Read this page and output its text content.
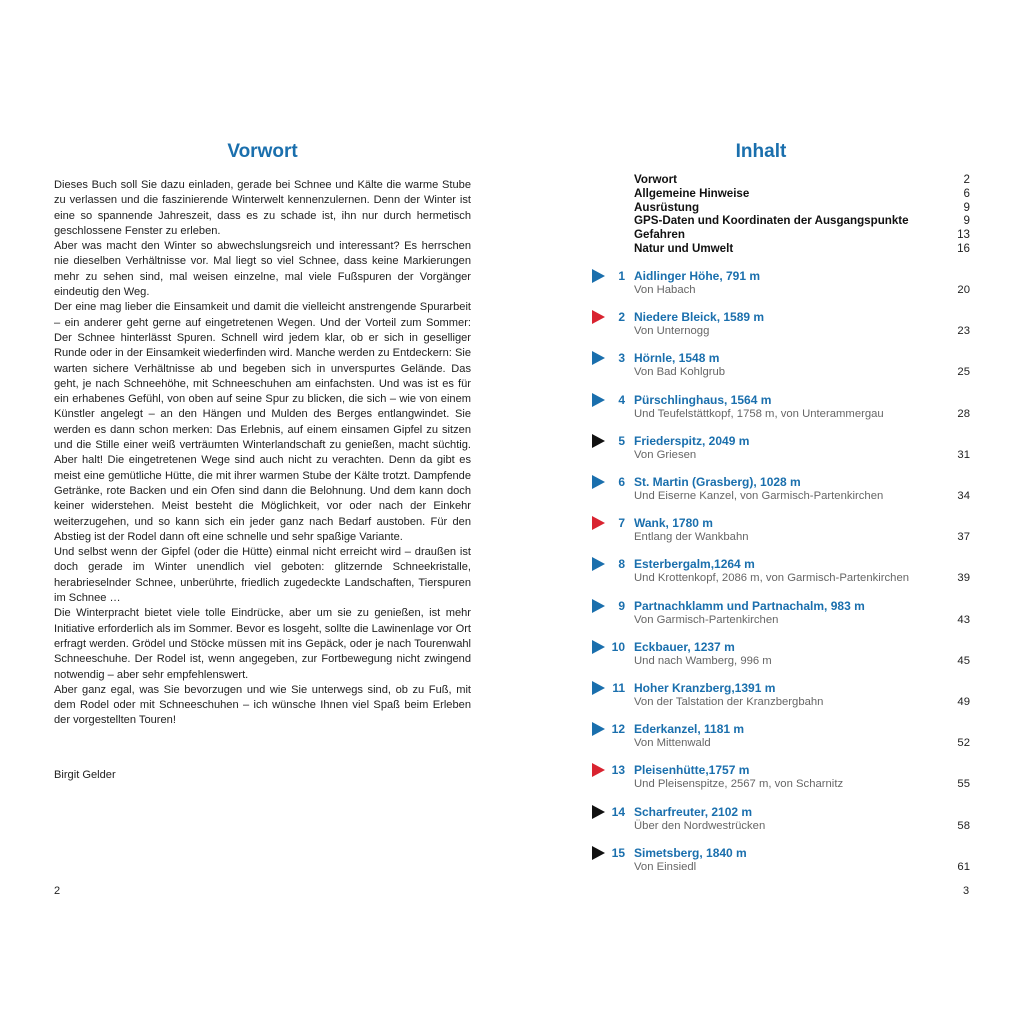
Vorwort

Dieses Buch soll Sie dazu einladen, gerade bei Schnee und Kälte die warme Stube zu verlassen und die faszinierende Winterwelt kennenzulernen. Denn der Winter ist eine so spannende Jahreszeit, dass es zu schade ist, ihn nur durch hermetisch geschlossene Fenster zu erleben.

Aber was macht den Winter so abwechslungsreich und interessant? Es herrschen nie dieselben Verhältnisse vor. Mal liegt so viel Schnee, dass keine Markierungen mehr zu sehen sind, mal weisen einzelne, mal viele Fußspuren der Vorgänger eindeutig den Weg.

Der eine mag lieber die Einsamkeit und damit die vielleicht anstrengende Spurarbeit – ein anderer geht gerne auf eingetretenen Wegen. Und der Vorteil zum Sommer: Der Schnee hinterlässt Spuren. Schnell wird jedem klar, ob er sich in geselliger Runde oder in der Einsamkeit wiederfinden wird. Manche werden zu Entdeckern: Sie warten sichere Verhältnisse ab und begeben sich in unverspurtes Gelände. Das geht, je nach Schneehöhe, mit Schneeschuhen am einfachsten. Und was ist es für ein erhabenes Gefühl, von oben auf seine Spur zu blicken, die sich – wie von einem Künstler angelegt – an den Hängen und Mulden des Berges entlangwindet. Sie werden es dann schon merken: Das Erlebnis, auf einem einsamen Gipfel zu sitzen und die Stille einer weiß verträumten Winterlandschaft zu genießen, macht süchtig. Aber halt! Die eingetretenen Wege sind auch nicht zu verachten. Denn da gibt es meist eine gemütliche Hütte, die mit ihrer warmen Stube der Kälte trotzt. Dampfende Getränke, rote Backen und ein Ofen sind dann die Belohnung. Und dem kann doch keiner widerstehen. Meist besteht die Möglichkeit, vor oder nach der Einkehr weiterzugehen, und so kann sich ein jeder ganz nach Bedarf austoben. Für den Abstieg ist der Rodel dann oft eine schnelle und sehr spaßige Variante.

Und selbst wenn der Gipfel (oder die Hütte) einmal nicht erreicht wird – draußen ist doch gerade im Winter unendlich viel geboten: glitzernde Schneekristalle, herabrieselnder Schnee, unberührte, friedlich zugedeckte Landschaften, Tierspuren im Schnee …

Die Winterpracht bietet viele tolle Eindrücke, aber um sie zu genießen, ist mehr Initiative erforderlich als im Sommer. Bevor es losgeht, sollte die Lawinenlage vor Ort erfragt werden. Grödel und Stöcke müssen mit ins Gepäck, oder je nach Tourenwahl Schneeschuhe. Der Rodel ist, wenn angegeben, zur Fortbewegung nicht zwingend notwendig – aber sehr empfehlenswert.

Aber ganz egal, was Sie bevorzugen und wie Sie unterwegs sind, ob zu Fuß, mit dem Rodel oder mit Schneeschuhen – ich wünsche Ihnen viel Spaß beim Erleben der vorgestellten Touren!

Birgit Gelder
2
Inhalt
Vorwort	2
Allgemeine Hinweise	6
Ausrüstung	9
GPS-Daten und Koordinaten der Ausgangspunkte	9
Gefahren	13
Natur und Umwelt	16
1 Aidlinger Höhe, 791 m
Von Habach	20
2 Niedere Bleick, 1589 m
Von Unternogg	23
3 Hörnle, 1548 m
Von Bad Kohlgrub	25
4 Pürschlinghaus, 1564 m
Und Teufelstättkopf, 1758 m, von Unterammergau	28
5 Friederspitz, 2049 m
Von Griesen	31
6 St. Martin (Grasberg), 1028 m
Und Eiserne Kanzel, von Garmisch-Partenkirchen	34
7 Wank, 1780 m
Entlang der Wankbahn	37
8 Esterbergalm,1264 m
Und Krottenkopf, 2086 m, von Garmisch-Partenkirchen	39
9 Partnachklamm und Partnachalm, 983 m
Von Garmisch-Partenkirchen	43
10 Eckbauer, 1237 m
Und nach Wamberg, 996 m	45
11 Hoher Kranzberg,1391 m
Von der Talstation der Kranzbergbahn	49
12 Ederkanzel, 1181 m
Von Mittenwald	52
13 Pleisenhütte,1757 m
Und Pleisenspitze, 2567 m, von Scharnitz	55
14 Scharfreuter, 2102 m
Über den Nordwestrücken	58
15 Simetsberg, 1840 m
Von Einsiedl	61
3
